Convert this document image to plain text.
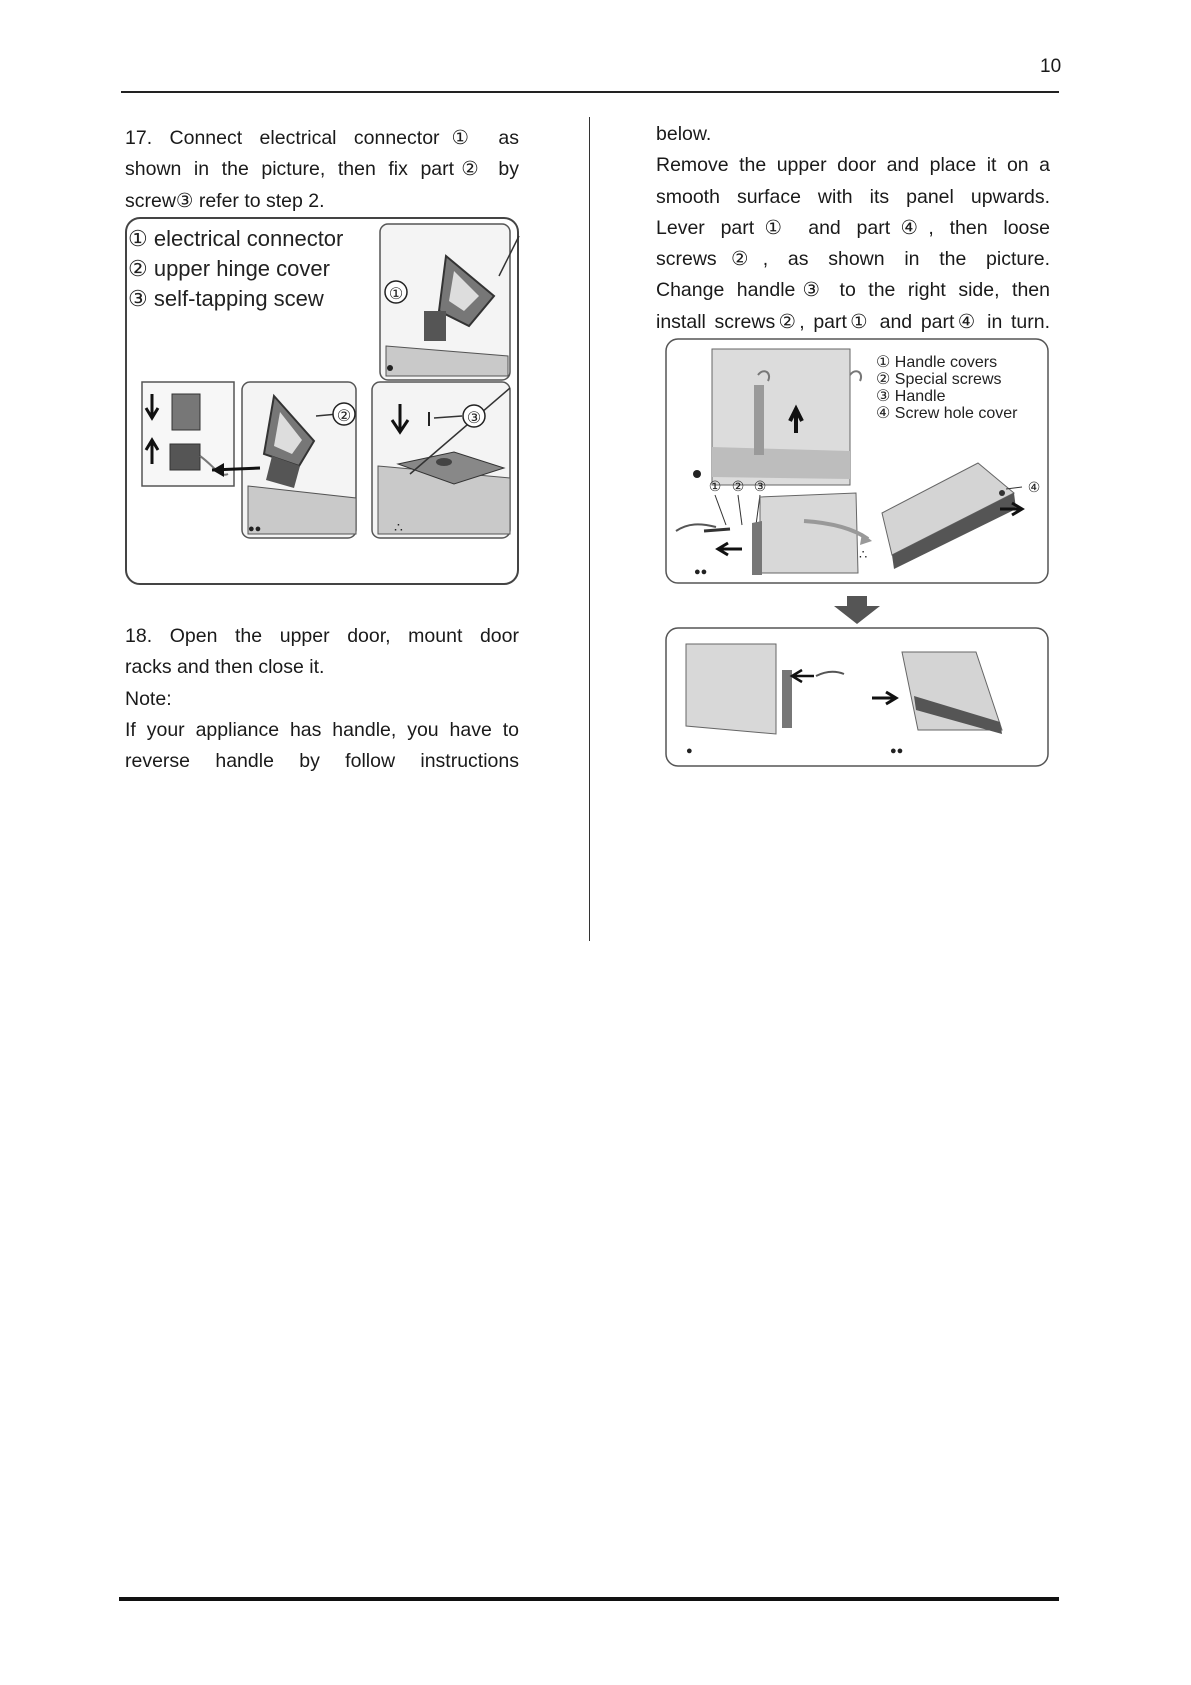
10
17. Connect electrical connector① as
shown in the picture, then fix part② by
screw③ refer to step 2.
① electrical connector
② upper hinge cover
③ self-tapping scew	①
②
●●
③
∴
18. Open the upper door, mount door
racks and then close it.
Note:
If your appliance has handle, you have to
reverse handle by follow instructions
below.
Remove the upper door and place it on a
smooth surface with its panel upwards.
Lever part① and part④, then loose
screws②, as shown in the picture.
Change handle③ to the right side, then
install screws②, part① and part④ in turn.
① Handle covers
② Special screws
③ Handle
④ Screw hole cover
① ② ③
●●
∴
④
●	●●
